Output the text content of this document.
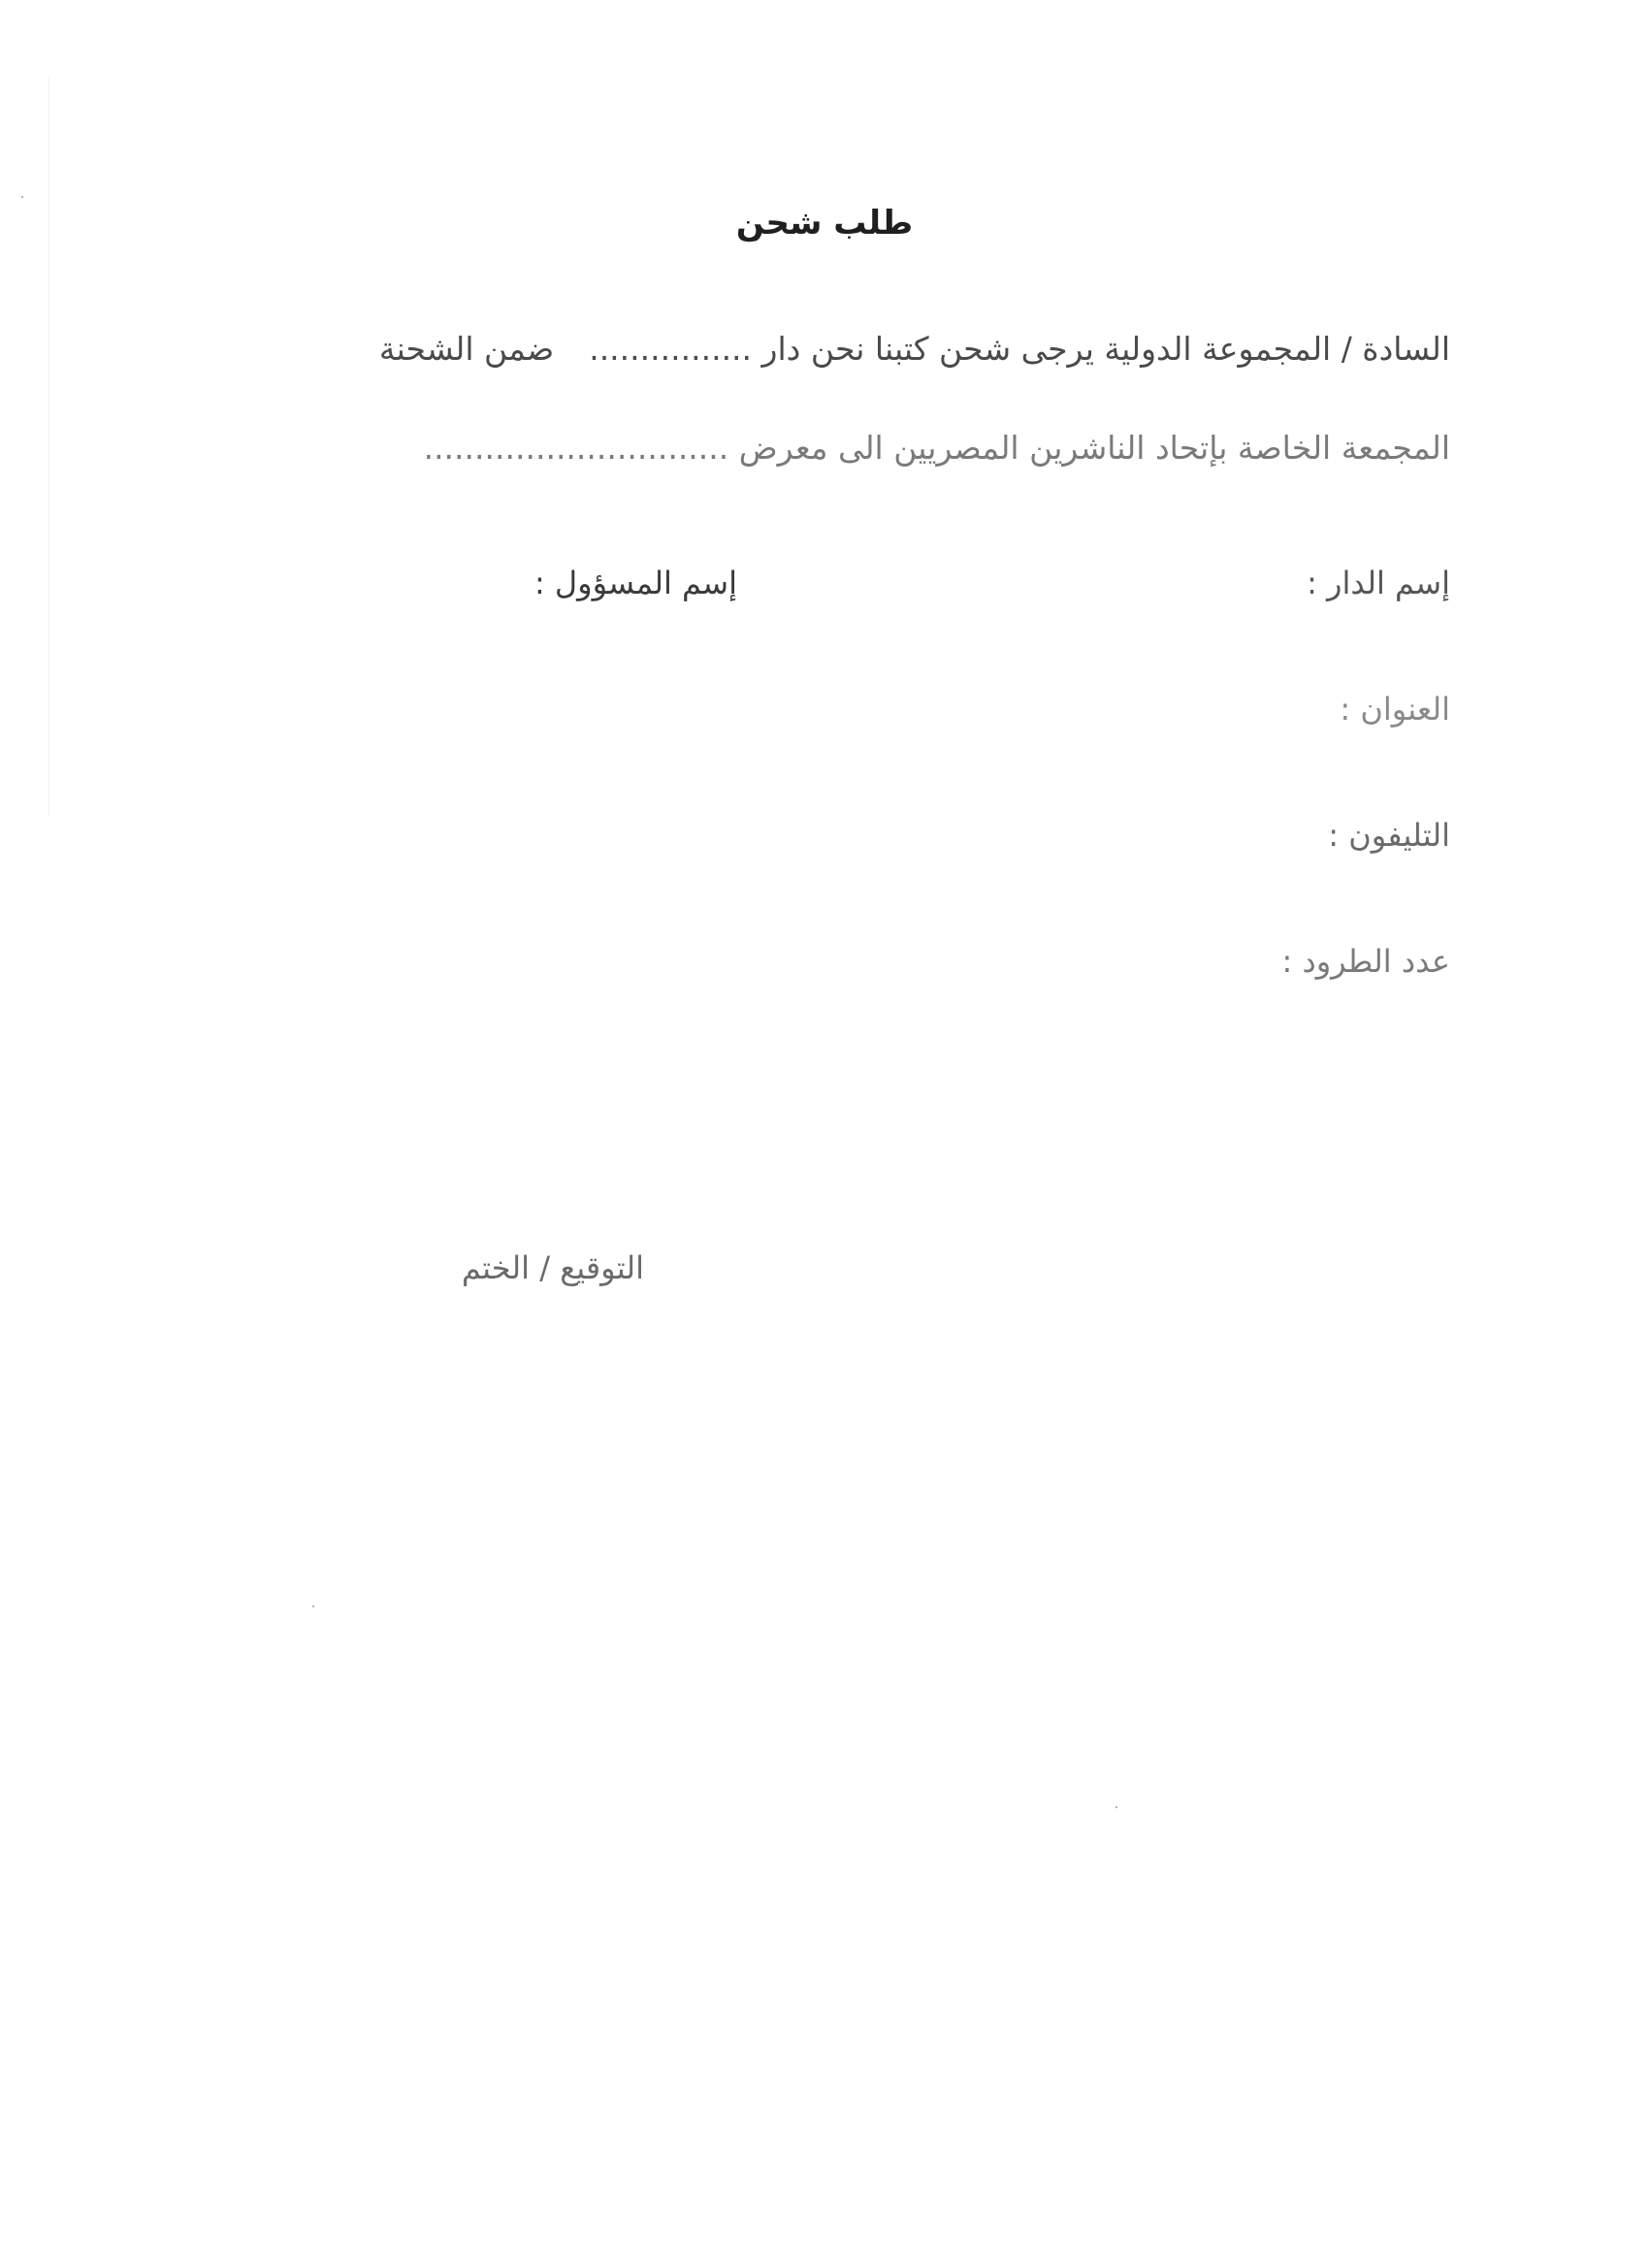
طلب شحن
السادة / المجموعة الدولية يرجى شحن كتبنا نحن دار ................ضمن الشحنة
المجمعة الخاصة بإتحاد الناشرين المصريين الى معرض ..............................
إسم الدار :
إسم المسؤول :
العنوان :
التليفون :
عدد الطرود :
التوقيع / الختم
